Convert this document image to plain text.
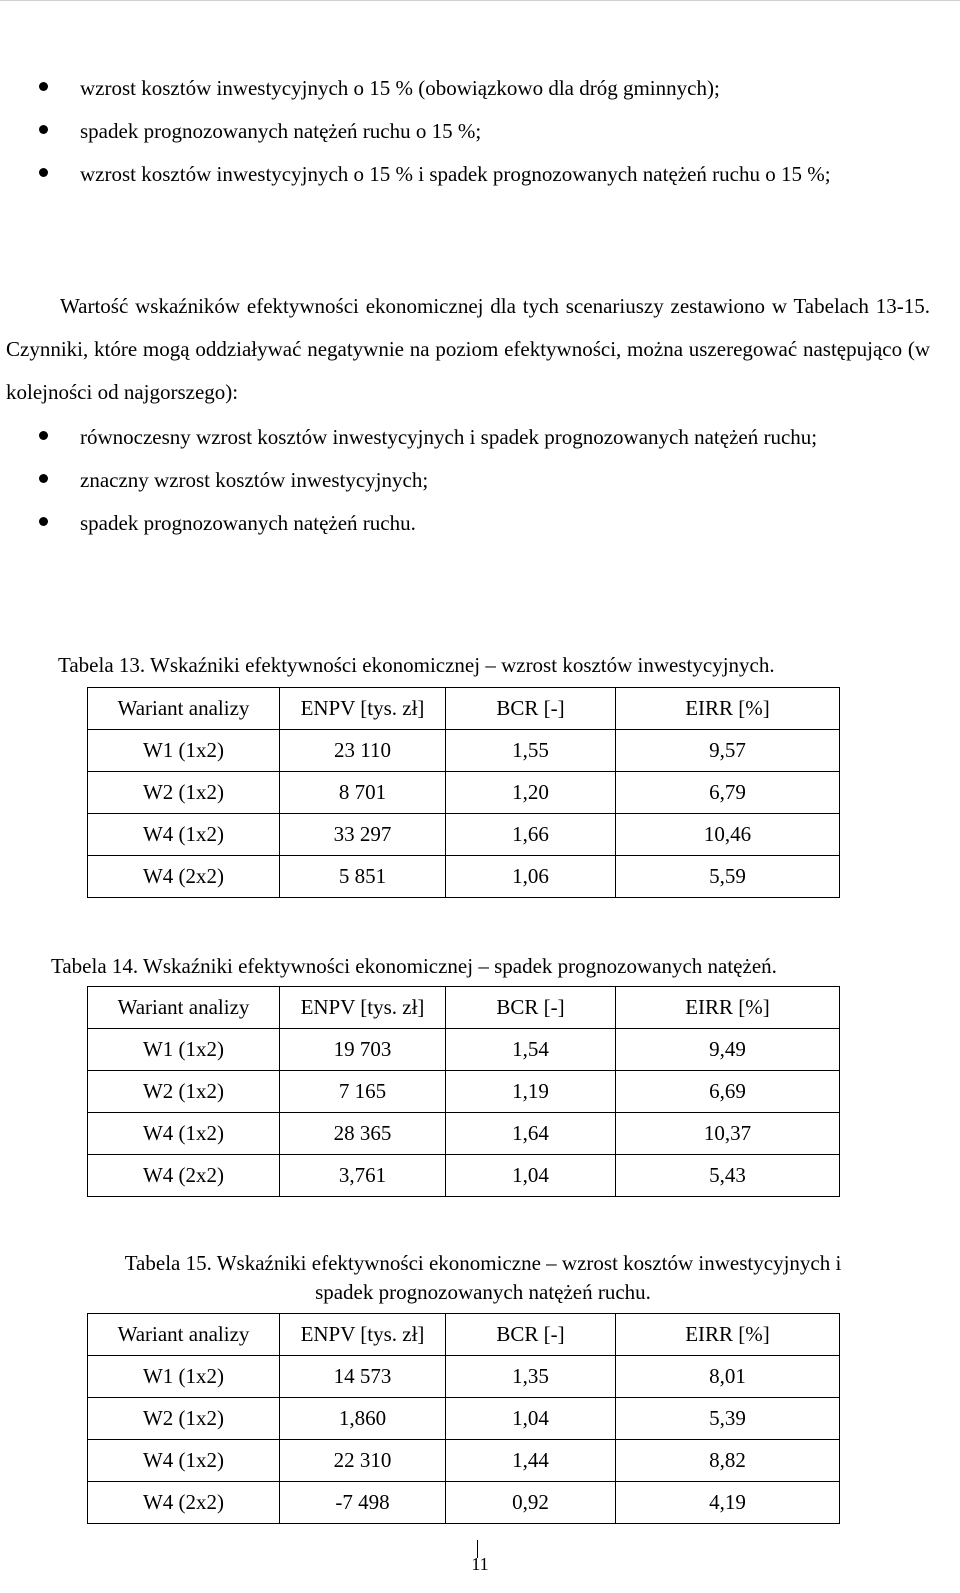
wzrost kosztów inwestycyjnych o 15 % (obowiązkowo dla dróg gminnych);
spadek prognozowanych natężeń ruchu o 15 %;
wzrost kosztów inwestycyjnych o 15 % i spadek prognozowanych natężeń ruchu o 15 %;
Wartość wskaźników efektywności ekonomicznej dla tych scenariuszy zestawiono w Tabelach 13-15. Czynniki, które mogą oddziaływać negatywnie na poziom efektywności, można uszeregować następująco (w kolejności od najgorszego):
równoczesny wzrost kosztów inwestycyjnych i spadek prognozowanych natężeń ruchu;
znaczny wzrost kosztów inwestycyjnych;
spadek prognozowanych natężeń ruchu.
Tabela 13. Wskaźniki efektywności ekonomicznej – wzrost kosztów inwestycyjnych.
Wariant analizy	ENPV [tys. zł]	BCR [-]	EIRR [%]
W1 (1x2)	23 110	1,55	9,57
W2 (1x2)	8 701	1,20	6,79
W4 (1x2)	33 297	1,66	10,46
W4 (2x2)	5 851	1,06	5,59
Tabela 14. Wskaźniki efektywności ekonomicznej – spadek prognozowanych natężeń.
Wariant analizy	ENPV [tys. zł]	BCR [-]	EIRR [%]
W1 (1x2)	19 703	1,54	9,49
W2 (1x2)	7 165	1,19	6,69
W4 (1x2)	28 365	1,64	10,37
W4 (2x2)	3,761	1,04	5,43
Tabela 15. Wskaźniki efektywności ekonomiczne – wzrost kosztów inwestycyjnych i
spadek prognozowanych natężeń ruchu.
Wariant analizy	ENPV [tys. zł]	BCR [-]	EIRR [%]
W1 (1x2)	14 573	1,35	8,01
W2 (1x2)	1,860	1,04	5,39
W4 (1x2)	22 310	1,44	8,82
W4 (2x2)	-7 498	0,92	4,19
11
